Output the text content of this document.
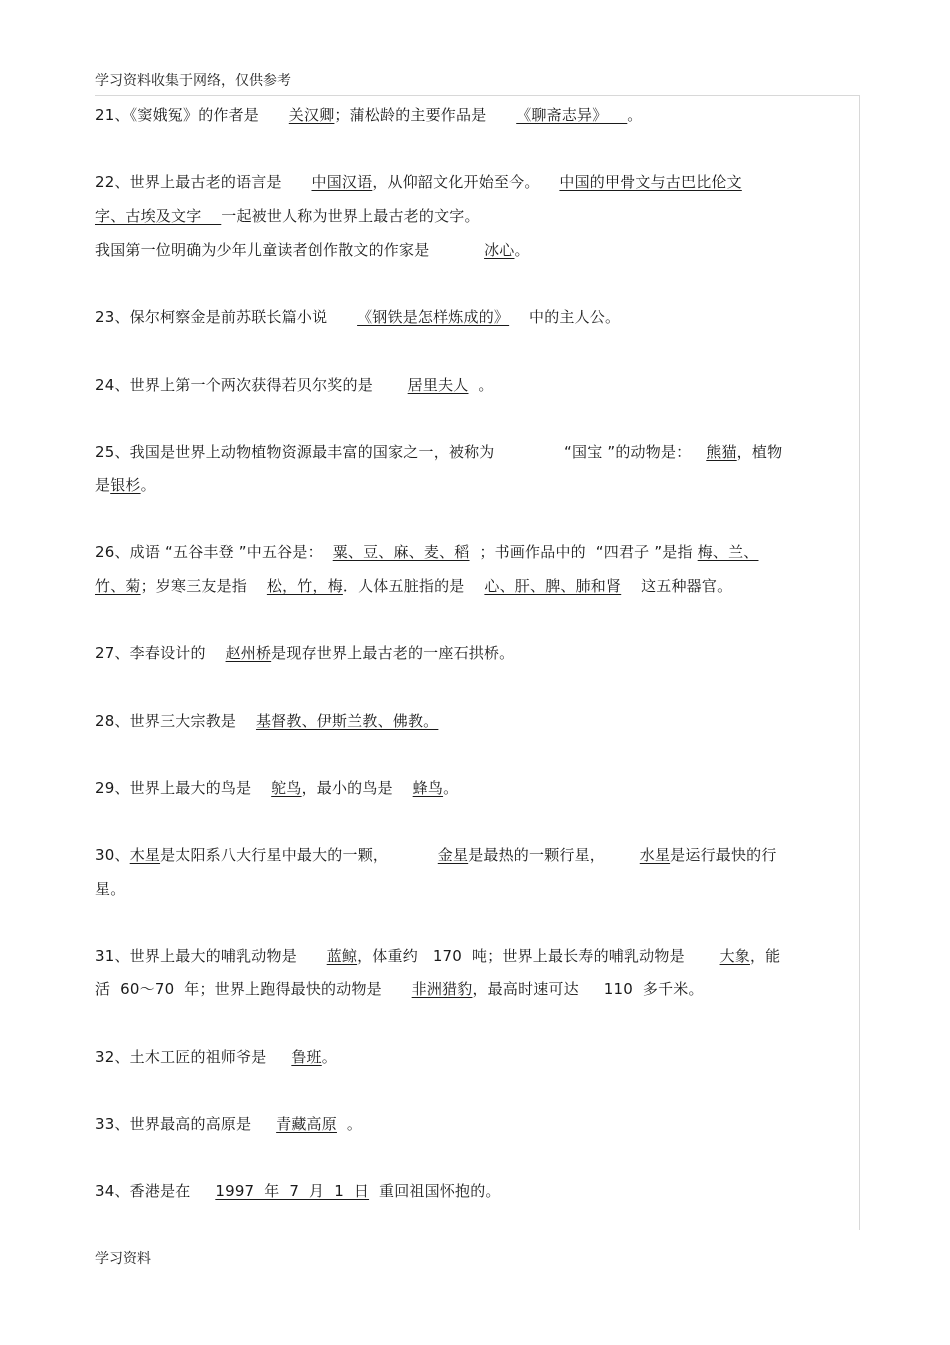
学习资料收集于网络，仅供参考
21、《窦娥冤》的作者是      关汉卿；蒲松龄的主要作品是      《聊斋志异》    。
22、世界上最古老的语言是      中国汉语，从仰韶文化开始至今。    中国的甲骨文与古巴比伦文
字、古埃及文字    一起被世人称为世界上最古老的文字。
我国第一位明确为少年儿童读者创作散文的作家是           冰心。
23、保尔柯察金是前苏联长篇小说      《钢铁是怎样炼成的》    中的主人公。
24、世界上第一个两次获得若贝尔奖的是       居里夫人  。
25、我国是世界上动物植物资源最丰富的国家之一，被称为              “国宝 ”的动物是：   熊猫，植物
是银杉。
26、成语 “五谷丰登 ”中五谷是：  粟、豆、麻、麦、稻  ；书画作品中的  “四君子 ”是指 梅、兰、
竹、菊；岁寒三友是指    松，竹，梅．人体五脏指的是    心、肝、脾、肺和肾    这五种器官。
27、李春设计的    赵州桥是现存世界上最古老的一座石拱桥。
28、世界三大宗教是    基督教、伊斯兰教、佛教。
29、世界上最大的鸟是    鸵鸟，最小的鸟是    蜂鸟。
30、木星是太阳系八大行星中最大的一颗，          金星是最热的一颗行星，       水星是运行最快的行
星。
31、世界上最大的哺乳动物是      蓝鲸，体重约   170  吨；世界上最长寿的哺乳动物是       大象，能
活  60～70  年；世界上跑得最快的动物是      非洲猎豹，最高时速可达     110  多千米。
32、土木工匠的祖师爷是     鲁班。
33、世界最高的高原是     青藏高原  。
34、香港是在     1997  年  7  月  1  日  重回祖国怀抱的。
学习资料
